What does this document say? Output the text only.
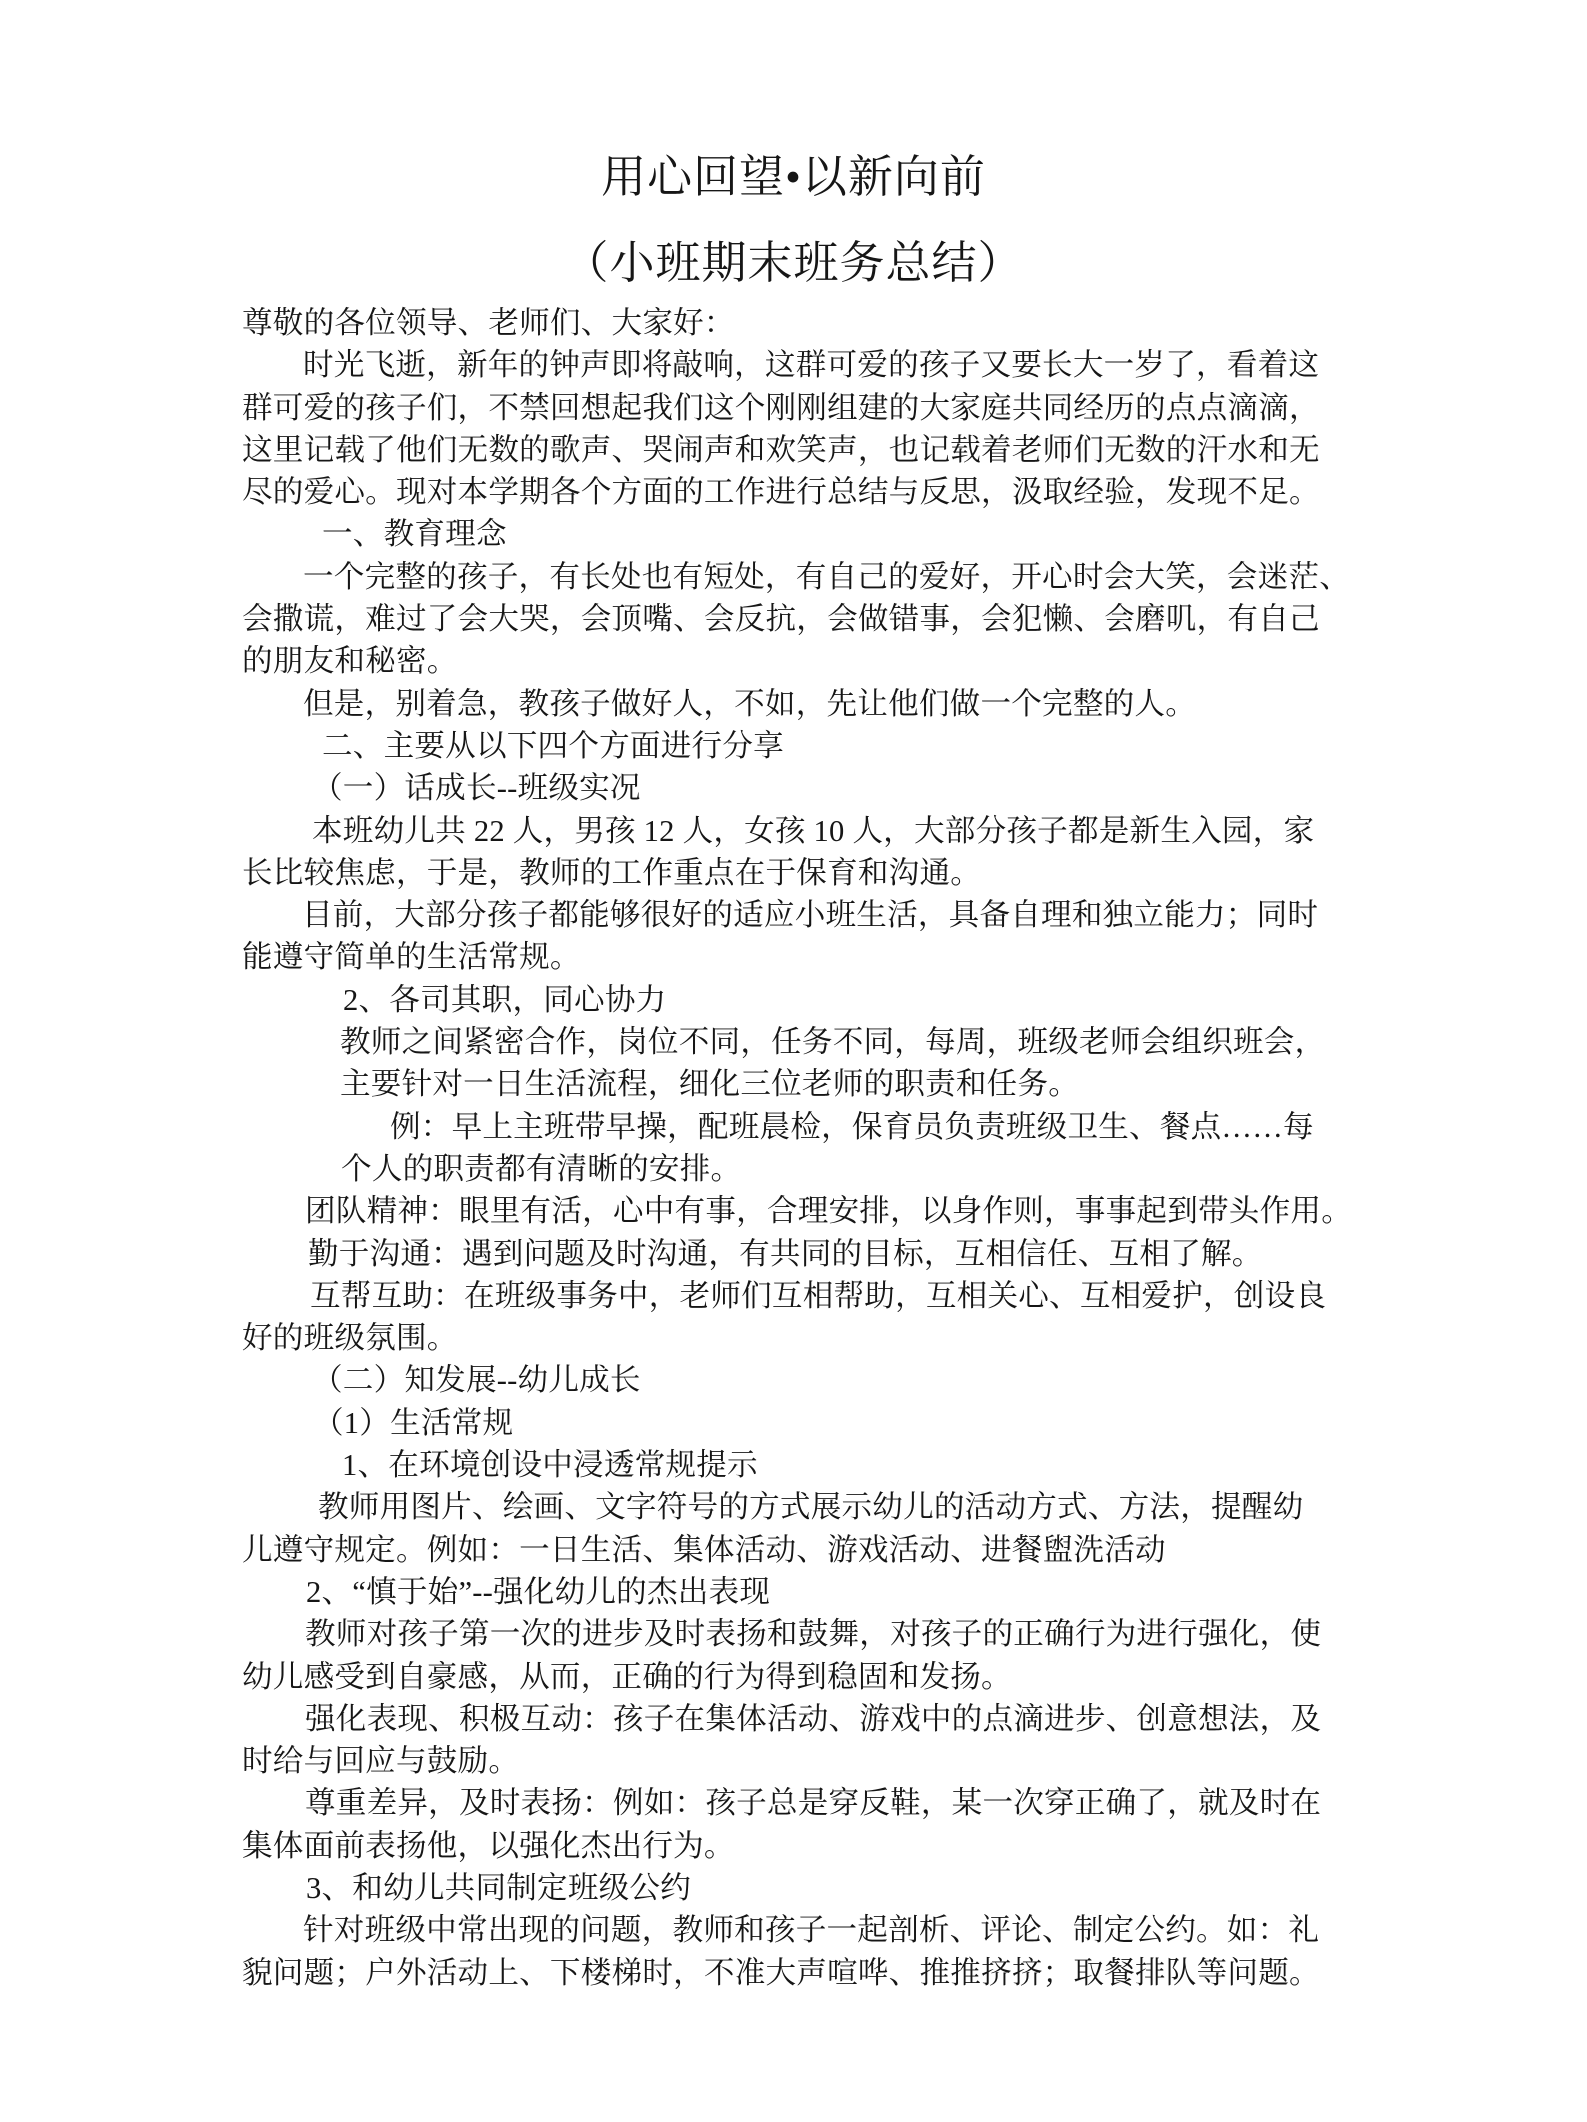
用心回望•以新向前
（小班期末班务总结）
尊敬的各位领导、老师们、大家好：
时光飞逝，新年的钟声即将敲响，这群可爱的孩子又要长大一岁了，看着这
群可爱的孩子们，不禁回想起我们这个刚刚组建的大家庭共同经历的点点滴滴，
这里记载了他们无数的歌声、哭闹声和欢笑声，也记载着老师们无数的汗水和无
尽的爱心。现对本学期各个方面的工作进行总结与反思，汲取经验，发现不足。
一、教育理念
一个完整的孩子，有长处也有短处，有自己的爱好，开心时会大笑，会迷茫、
会撒谎，难过了会大哭，会顶嘴、会反抗，会做错事，会犯懒、会磨叽，有自己
的朋友和秘密。
但是，别着急，教孩子做好人，不如，先让他们做一个完整的人。
二、主要从以下四个方面进行分享
（一）话成长--班级实况
本班幼儿共 22 人，男孩 12 人，女孩 10 人，大部分孩子都是新生入园，家
长比较焦虑，于是，教师的工作重点在于保育和沟通。
目前，大部分孩子都能够很好的适应小班生活，具备自理和独立能力；同时
能遵守简单的生活常规。
2、各司其职，同心协力
教师之间紧密合作，岗位不同，任务不同，每周，班级老师会组织班会，
主要针对一日生活流程，细化三位老师的职责和任务。
例：早上主班带早操，配班晨检，保育员负责班级卫生、餐点……每
个人的职责都有清晰的安排。
团队精神：眼里有活，心中有事，合理安排，以身作则，事事起到带头作用。
勤于沟通：遇到问题及时沟通，有共同的目标，互相信任、互相了解。
互帮互助：在班级事务中，老师们互相帮助，互相关心、互相爱护，创设良
好的班级氛围。
（二）知发展--幼儿成长
（1）生活常规
1、在环境创设中浸透常规提示
教师用图片、绘画、文字符号的方式展示幼儿的活动方式、方法，提醒幼
儿遵守规定。例如：一日生活、集体活动、游戏活动、进餐盥洗活动
2、“慎于始”--强化幼儿的杰出表现
教师对孩子第一次的进步及时表扬和鼓舞，对孩子的正确行为进行强化，使
幼儿感受到自豪感，从而，正确的行为得到稳固和发扬。
强化表现、积极互动：孩子在集体活动、游戏中的点滴进步、创意想法，及
时给与回应与鼓励。
尊重差异，及时表扬：例如：孩子总是穿反鞋，某一次穿正确了，就及时在
集体面前表扬他，以强化杰出行为。
3、和幼儿共同制定班级公约
针对班级中常出现的问题，教师和孩子一起剖析、评论、制定公约。如：礼
貌问题；户外活动上、下楼梯时，不准大声喧哗、推推挤挤；取餐排队等问题。
